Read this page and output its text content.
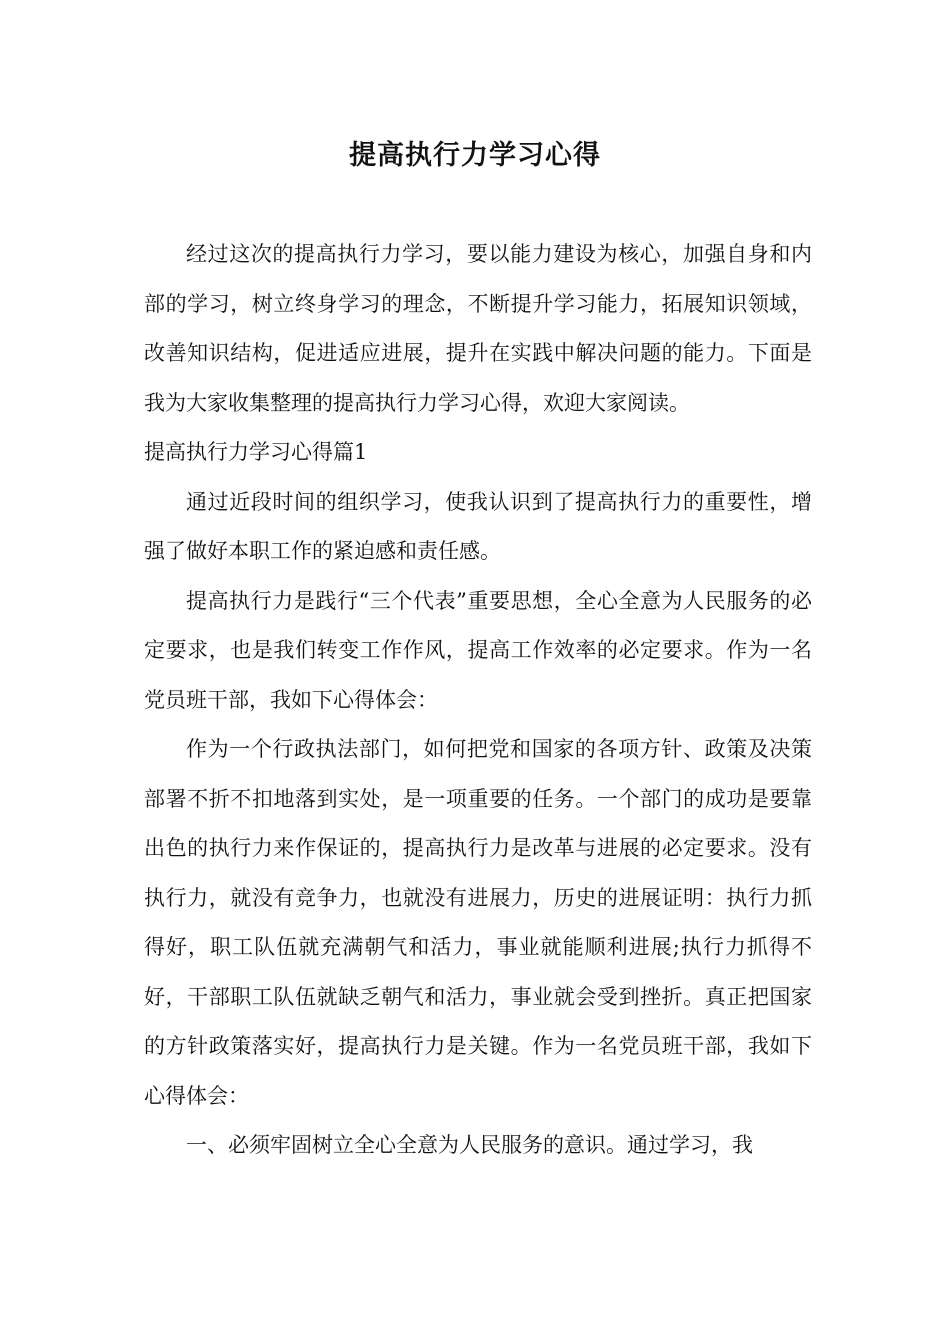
提高执行力学习心得

经过这次的提高执行力学习，要以能力建设为核心，加强自身和内部的学习，树立终身学习的理念，不断提升学习能力，拓展知识领域，改善知识结构，促进适应进展，提升在实践中解决问题的能力。下面是我为大家收集整理的提高执行力学习心得，欢迎大家阅读。

提高执行力学习心得篇1

通过近段时间的组织学习，使我认识到了提高执行力的重要性，增强了做好本职工作的紧迫感和责任感。

提高执行力是践行“三个代表”重要思想，全心全意为人民服务的必定要求，也是我们转变工作作风，提高工作效率的必定要求。作为一名党员班干部，我如下心得体会：

作为一个行政执法部门，如何把党和国家的各项方针、政策及决策部署不折不扣地落到实处，是一项重要的任务。一个部门的成功是要靠出色的执行力来作保证的，提高执行力是改革与进展的必定要求。没有执行力，就没有竞争力，也就没有进展力，历史的进展证明：执行力抓得好，职工队伍就充满朝气和活力，事业就能顺利进展;执行力抓得不好，干部职工队伍就缺乏朝气和活力，事业就会受到挫折。真正把国家的方针政策落实好，提高执行力是关键。作为一名党员班干部，我如下心得体会：

一、必须牢固树立全心全意为人民服务的意识。通过学习，我
